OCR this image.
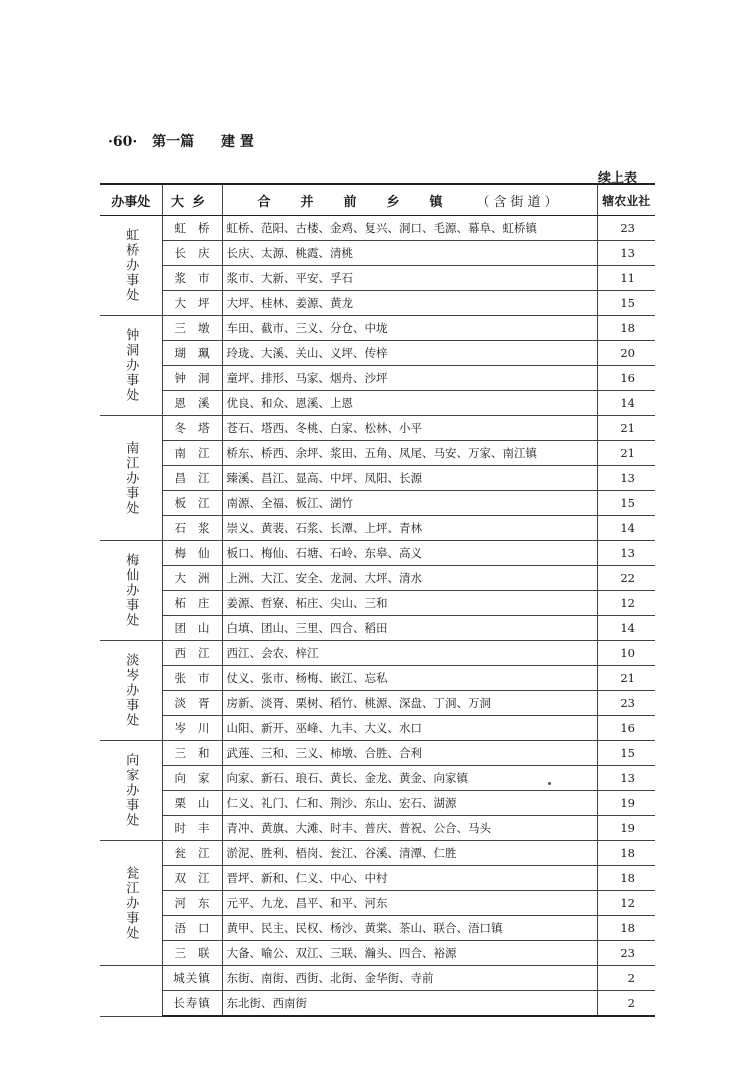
·60· 第一篇 建 置
续上表
办事处	大乡	合并前乡镇 （含街道）	辖农业社
虹桥办事处	虹桥	虹桥、范阳、古楼、金鸡、复兴、洞口、毛源、幕阜、虹桥镇	23
	长庆	长庆、太源、桃霞、清桃	13
	浆市	浆市、大新、平安、孚石	11
	大坪	大坪、桂林、姜源、黄龙	15
钟洞办事处	三墩	车田、截市、三义、分仓、中垅	18
	瑚珮	玲珑、大溪、关山、义坪、传梓	20
	钟洞	童坪、排形、马家、烟舟、沙坪	16
	恩溪	优良、和众、恩溪、上恩	14
南江办事处	冬塔	苍石、塔西、冬桃、白家、松林、小平	21
	南江	桥东、桥西、余坪、浆田、五角、凤尾、马安、万家、南江镇	21
	昌江	臻溪、昌江、显高、中坪、凤阳、长源	13
	板江	南源、全福、板江、湖竹	15
	石浆	崇义、黄裴、石浆、长潭、上坪、青林	14
梅仙办事处	梅仙	板口、梅仙、石塘、石岭、东皋、高义	13
	大洲	上洲、大江、安全、龙洞、大坪、清水	22
	柘庄	姜源、哲寮、柘庄、尖山、三和	12
	团山	白填、团山、三里、四合、稻田	14
淡岑办事处	西江	西江、会农、梓江	10
	张市	仗义、张市、杨梅、嵌江、忘私	21
	淡胥	房新、淡胥、栗树、稻竹、桃源、深盘、丁洞、万洞	23
	岑川	山阳、新开、巫峰、九丰、大义、水口	16
向家办事处	三和	武莲、三和、三义、柿墩、合胜、合利	15
	向家	向家、新石、琅石、黄长、金龙、黄金、向家镇	13
	栗山	仁义、礼门、仁和、荆沙、东山、宏石、湖源	19
	时丰	青冲、黄旗、大滩、时丰、普庆、普祝、公合、马头	19
瓮江办事处	瓮江	淤泥、胜利、梧岗、瓮江、谷溪、清潭、仁胜	18
	双江	晋坪、新和、仁义、中心、中村	18
	河东	元平、九龙、昌平、和平、河东	12
	浯口	黄甲、民主、民权、杨沙、黄棠、茶山、联合、浯口镇	18
	三联	大备、喻公、双江、三联、瀚头、四合、裕源	23
	城关镇	东街、南街、西街、北街、金华街、寺前	2
	长寿镇	东北街、西南街	2
